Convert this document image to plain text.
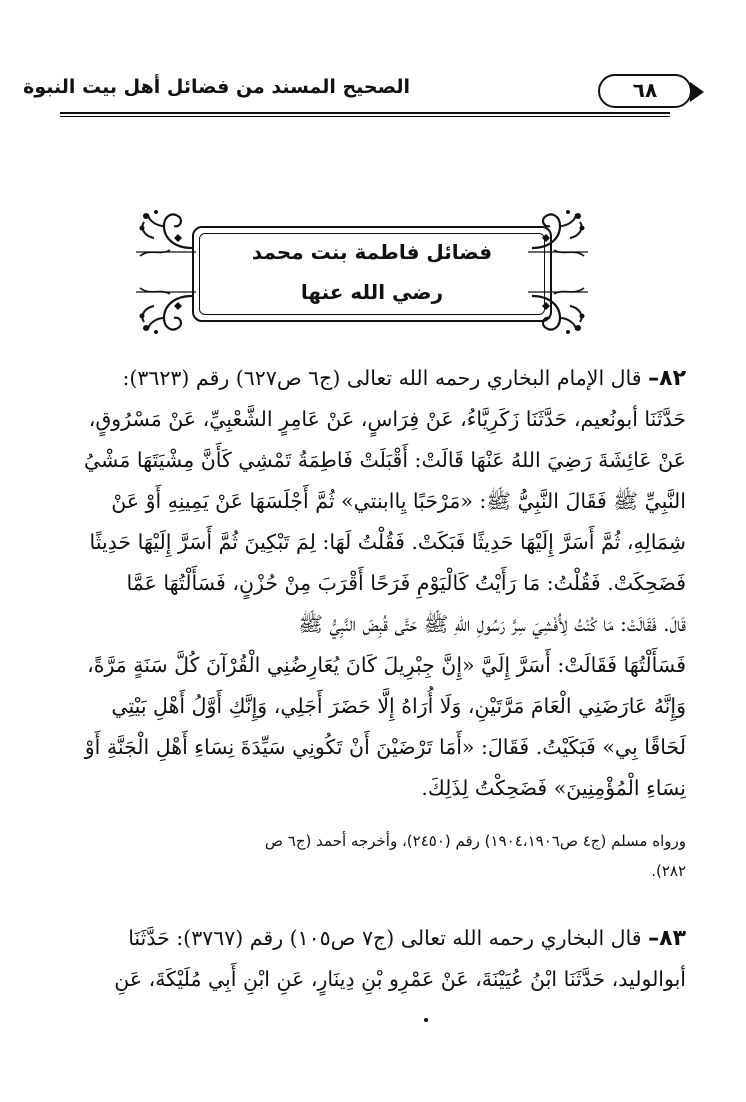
الصحيح المسند من فضائل أهل بيت النبوة	٦٨
فضائل فاطمة بنت محمد
رضي الله عنها
٨٢– قال الإمام البخاري رحمه الله تعالى (ج٦ ص٦٢٧) رقم (٣٦٢٣):
حَدَّثَنَا أبونُعيم، حَدَّثَنَا زَكَرِيَّاءُ، عَنْ فِرَاسٍ، عَنْ عَامِرٍ الشَّعْبِيِّ، عَنْ مَسْرُوقٍ،
عَنْ عَائِشَةَ رَضِيَ اللهُ عَنْهَا قَالَتْ: أَقْبَلَتْ فَاطِمَةُ تَمْشِي كَأَنَّ مِشْيَتَهَا مَشْيُ
النَّبِيِّ ﷺ فَقَالَ النَّبِيُّ ﷺ: «مَرْحَبًا يِاابنتي» ثُمَّ أَجْلَسَهَا عَنْ يَمِينِهِ أَوْ عَنْ
شِمَالِهِ، ثُمَّ أَسَرَّ إِلَيْهَا حَدِيثًا فَبَكَتْ. فَقُلْتُ لَهَا: لِمَ تَبْكِينَ ثُمَّ أَسَرَّ إِلَيْهَا حَدِيثًا
فَضَحِكَتْ. فَقُلْتُ: مَا رَأَيْتُ كَالْيَوْمِ فَرَحًا أَقْرَبَ مِنْ حُزْنٍ، فَسَأَلْتُهَا عَمَّا
قَالَ. فَقَالَتْ: مَا كُنْتُ لِأُفْشِيَ سِرَّ رَسُولِ اللهِ ﷺ حَتَّى قُبِضَ النَّبِيُّ ﷺ
فَسَأَلْتُهَا فَقَالَتْ: أَسَرَّ إِلَيَّ «إِنَّ جِبْرِيلَ كَانَ يُعَارِضُنِي الْقُرْآنَ كُلَّ سَنَةٍ مَرَّةً،
وَإِنَّهُ عَارَضَنِي الْعَامَ مَرَّتَيْنِ، وَلَا أُرَاهُ إِلَّا حَضَرَ أَجَلِي، وَإِنَّكِ أَوَّلُ أَهْلِ بَيْتِي
لَحَاقًا بِي» فَبَكَيْتُ. فَقَالَ: «أَمَا تَرْضَيْنَ أَنْ تَكُونِي سَيِّدَةَ نِسَاءِ أَهْلِ الْجَنَّةِ أَوْ
نِسَاءِ الْمُؤْمِنِينَ» فَضَحِكْتُ لِذَلِكَ.
ورواه مسلم (ج٤ ص١٩٠٤،١٩٠٦) رقم (٢٤٥٠)، وأخرجه أحمد (ج٦ ص
٢٨٢).
٨٣– قال البخاري رحمه الله تعالى (ج٧ ص١٠٥) رقم (٣٧٦٧): حَدَّثَنَا
أبوالوليد، حَدَّثَنَا ابْنُ عُيَيْنَةَ، عَنْ عَمْرِو بْنِ دِينَارٍ، عَنِ ابْنِ أَبِي مُلَيْكَةَ، عَنِ
